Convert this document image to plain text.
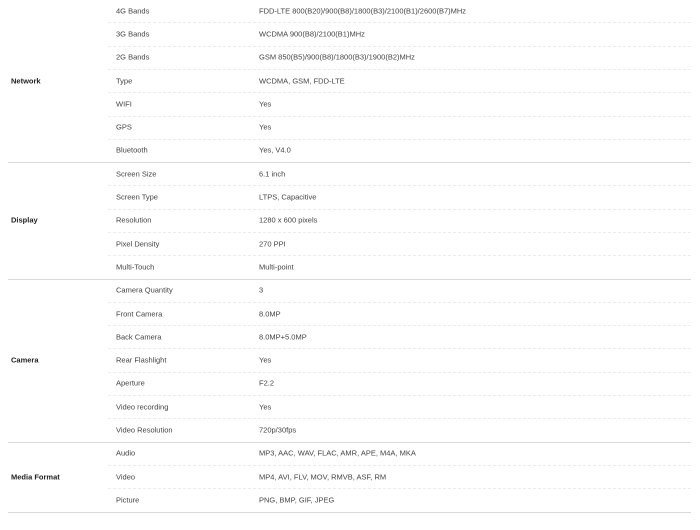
Network
4G Bands	FDD-LTE 800(B20)/900(B8)/1800(B3)/2100(B1)/2600(B7)MHz
3G Bands	WCDMA 900(B8)/2100(B1)MHz
2G Bands	GSM 850(B5)/900(B8)/1800(B3)/1900(B2)MHz
Type	WCDMA, GSM, FDD-LTE
WIFI	Yes
GPS	Yes
Bluetooth	Yes, V4.0
Display
Screen Size	6.1 inch
Screen Type	LTPS, Capacitive
Resolution	1280 x 600 pixels
Pixel Density	270 PPI
Multi-Touch	Multi-point
Camera
Camera Quantity	3
Front Camera	8.0MP
Back Camera	8.0MP+5.0MP
Rear Flashlight	Yes
Aperture	F2.2
Video recording	Yes
Video Resolution	720p/30fps
Media Format
Audio	MP3, AAC, WAV, FLAC, AMR, APE, M4A, MKA
Video	MP4, AVI, FLV, MOV, RMVB, ASF, RM
Picture	PNG, BMP, GIF, JPEG
